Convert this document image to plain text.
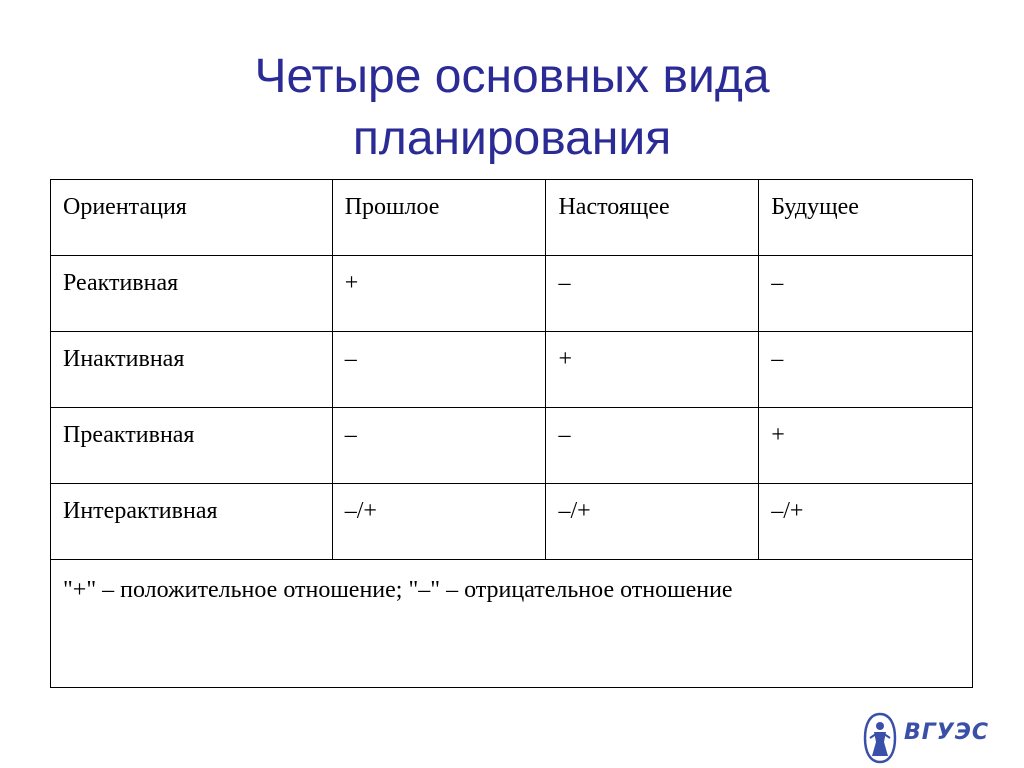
Четыре основных вида
планирования
Ориентация	Прошлое	Настоящее	Будущее
Реактивная	+	–	–
Инактивная	–	+	–
Преактивная	–	–	+
Интерактивная	–/+	–/+	–/+
"+" – положительное отношение; "–" – отрицательное отношение			
ВГУЭС
